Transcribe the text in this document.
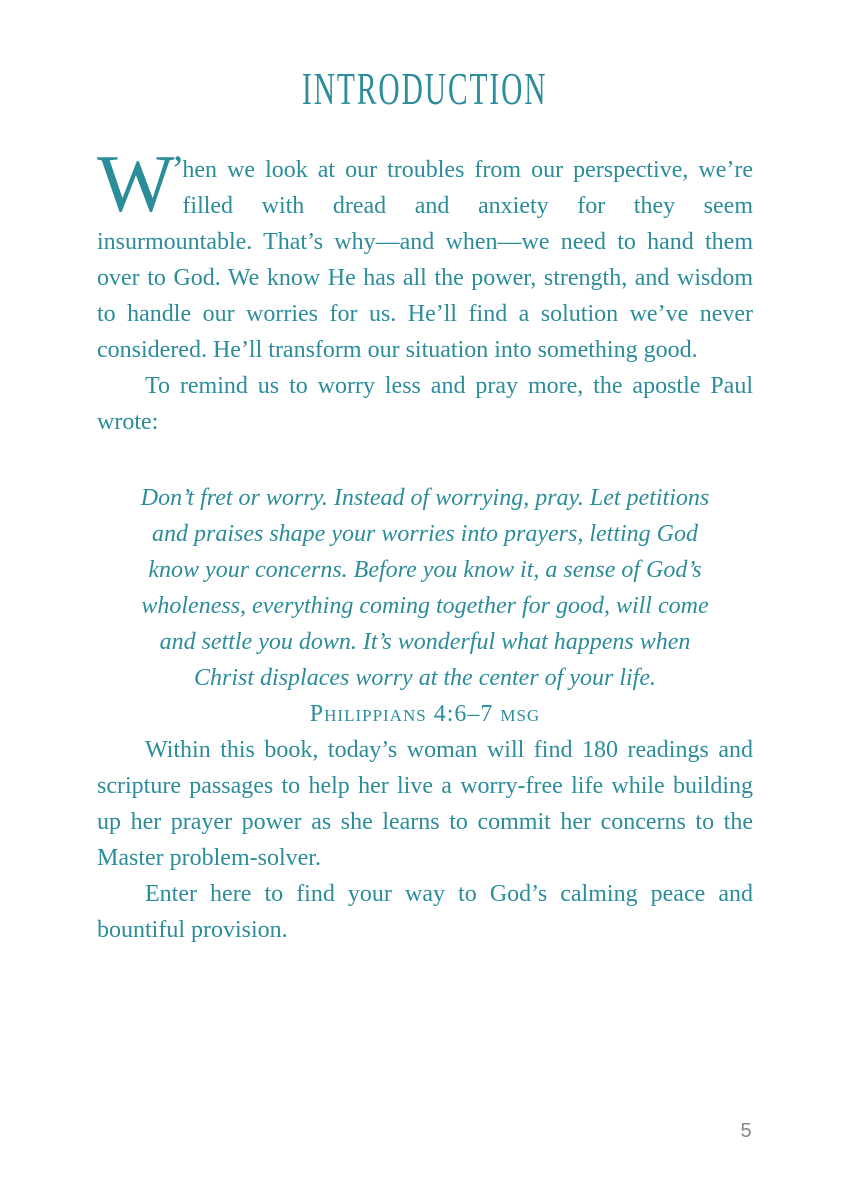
INTRODUCTION

W ’ hen we look at our troubles from our perspective, we’re filled with dread and anxiety for they seem insurmountable. That’s why—and when—we need to hand them over to God. We know He has all the power, strength, and wisdom to handle our worries for us. He’ll find a solution we’ve never considered. He’ll transform our situation into something good.

To remind us to worry less and pray more, the apostle Paul wrote:

Don’t fret or worry. Instead of worrying, pray. Let petitions
and praises shape your worries into prayers, letting God
know your concerns. Before you know it, a sense of God’s
wholeness, everything coming together for good, will come
and settle you down. It’s wonderful what happens when
Christ displaces worry at the center of your life.
Philippians 4:6–7 msg

Within this book, today’s woman will find 180 readings and scripture passages to help her live a worry-free life while building up her prayer power as she learns to commit her concerns to the Master problem-solver.

Enter here to find your way to God’s calming peace and bountiful provision.

5
